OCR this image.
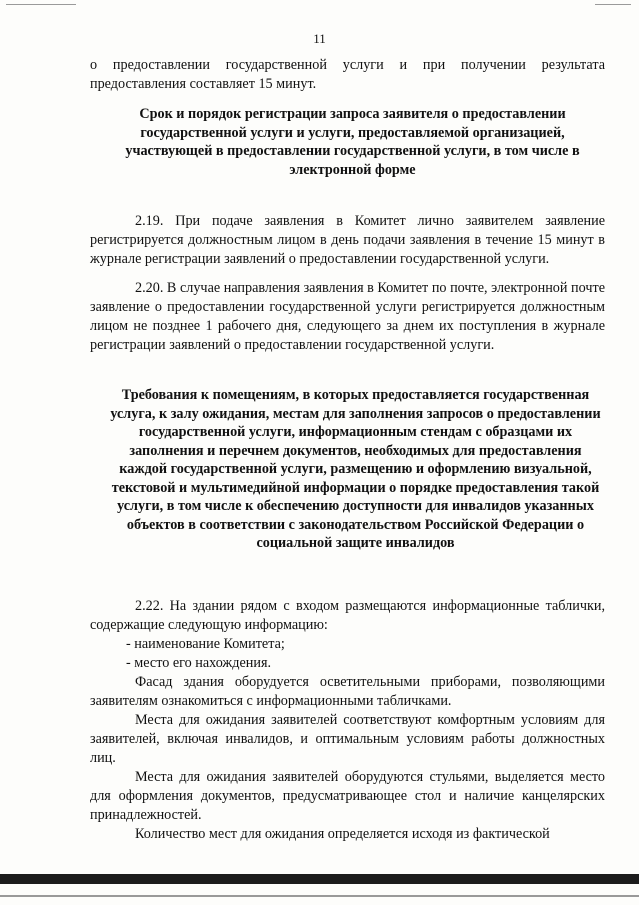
11
о предоставлении государственной услуги и при получении результата предоставления составляет 15 минут.
Срок и порядок регистрации запроса заявителя о предоставлении государственной услуги и услуги, предоставляемой организацией, участвующей в предоставлении государственной услуги, в том числе в электронной форме
2.19. При подаче заявления в Комитет лично заявителем заявление регистрируется должностным лицом в день подачи заявления в течение 15 минут в журнале регистрации заявлений о предоставлении государственной услуги.
2.20. В случае направления заявления в Комитет по почте, электронной почте заявление о предоставлении государственной услуги регистрируется должностным лицом не позднее 1 рабочего дня, следующего за днем их поступления в журнале регистрации заявлений о предоставлении государственной услуги.
Требования к помещениям, в которых предоставляется государственная услуга, к залу ожидания, местам для заполнения запросов о предоставлении государственной услуги, информационным стендам с образцами их заполнения и перечнем документов, необходимых для предоставления каждой государственной услуги, размещению и оформлению визуальной, текстовой и мультимедийной информации о порядке предоставления такой услуги, в том числе к обеспечению доступности для инвалидов указанных объектов в соответствии с законодательством Российской Федерации о социальной защите инвалидов
2.22. На здании рядом с входом размещаются информационные таблички, содержащие следующую информацию:
- наименование Комитета;
- место его нахождения.
Фасад здания оборудуется осветительными приборами, позволяющими заявителям ознакомиться с информационными табличками.
Места для ожидания заявителей соответствуют комфортным условиям для заявителей, включая инвалидов, и оптимальным условиям работы должностных лиц.
Места для ожидания заявителей оборудуются стульями, выделяется место для оформления документов, предусматривающее стол и наличие канцелярских принадлежностей.
Количество мест для ожидания определяется исходя из фактической
